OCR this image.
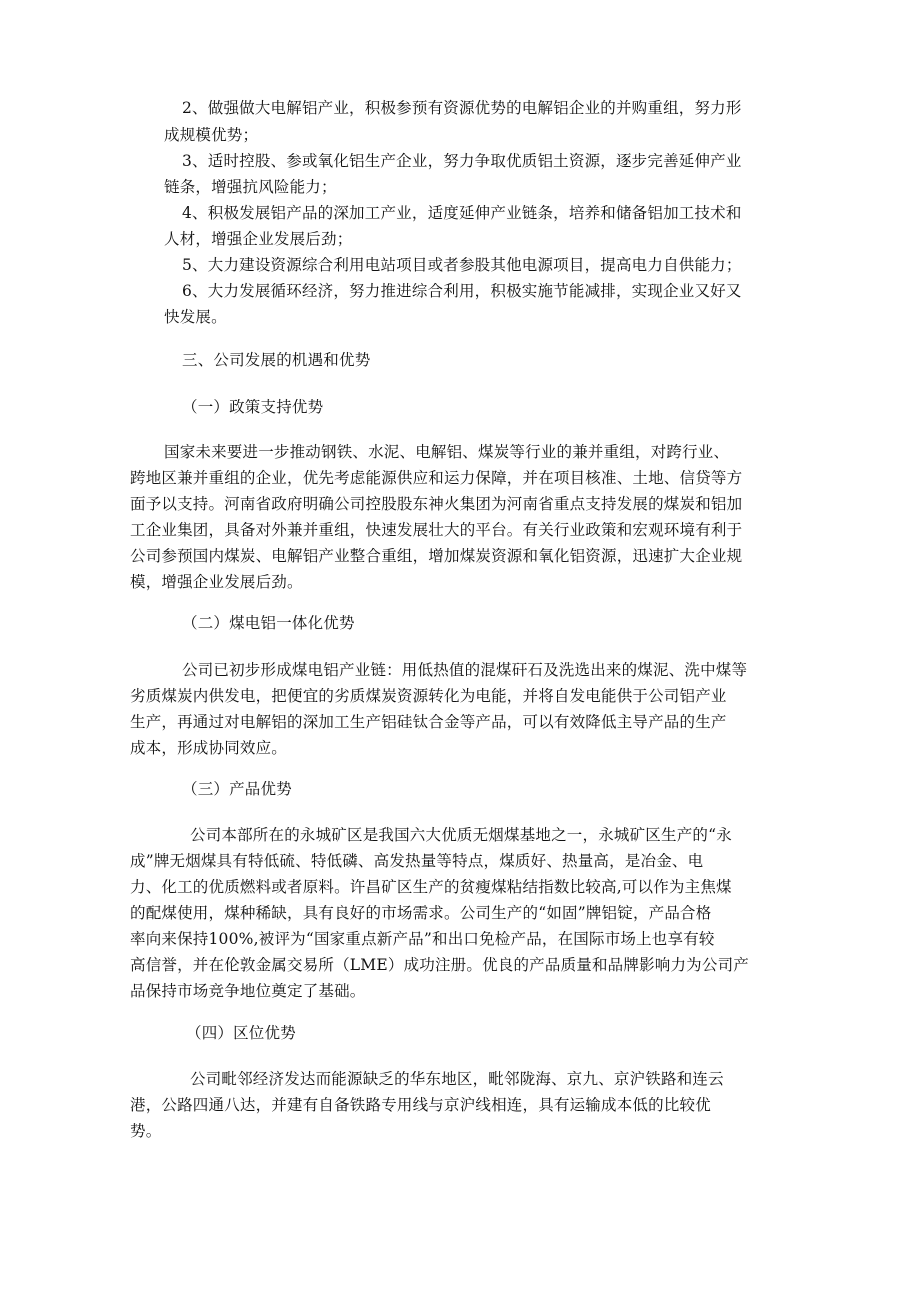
2、做强做大电解铝产业，积极参预有资源优势的电解铝企业的并购重组，努力形
成规模优势；
3、适时控股、参或氧化铝生产企业，努力争取优质铝土资源，逐步完善延伸产业
链条，增强抗风险能力；
4、积极发展铝产品的深加工产业，适度延伸产业链条，培养和储备铝加工技术和
人材，增强企业发展后劲；
5、大力建设资源综合利用电站项目或者参股其他电源项目，提高电力自供能力；
6、大力发展循环经济，努力推进综合利用，积极实施节能减排，实现企业又好又
快发展。
三、公司发展的机遇和优势
（一）政策支持优势
国家未来要进一步推动钢铁、水泥、电解铝、煤炭等行业的兼并重组，对跨行业、
跨地区兼并重组的企业，优先考虑能源供应和运力保障，并在项目核准、土地、信贷等方
面予以支持。河南省政府明确公司控股股东神火集团为河南省重点支持发展的煤炭和铝加
工企业集团，具备对外兼并重组，快速发展壮大的平台。有关行业政策和宏观环境有利于
公司参预国内煤炭、电解铝产业整合重组，增加煤炭资源和氧化铝资源，迅速扩大企业规
模，增强企业发展后劲。
（二）煤电铝一体化优势
公司已初步形成煤电铝产业链：用低热值的混煤矸石及洗选出来的煤泥、洗中煤等
劣质煤炭内供发电，把便宜的劣质煤炭资源转化为电能，并将自发电能供于公司铝产业
生产，再通过对电解铝的深加工生产铝硅钛合金等产品，可以有效降低主导产品的生产
成本，形成协同效应。
（三）产品优势
公司本部所在的永城矿区是我国六大优质无烟煤基地之一，永城矿区生产的“永
成”牌无烟煤具有特低硫、特低磷、高发热量等特点，煤质好、热量高，是冶金、电
力、化工的优质燃料或者原料。许昌矿区生产的贫瘦煤粘结指数比较高,可以作为主焦煤
的配煤使用，煤种稀缺，具有良好的市场需求。公司生产的“如固”牌铝锭，产品合格
率向来保持100%,被评为“国家重点新产品”和出口免检产品，在国际市场上也享有较
高信誉，并在伦敦金属交易所（LME）成功注册。优良的产品质量和品牌影响力为公司产
品保持市场竞争地位奠定了基础。
（四）区位优势
公司毗邻经济发达而能源缺乏的华东地区，毗邻陇海、京九、京沪铁路和连云
港，公路四通八达，并建有自备铁路专用线与京沪线相连，具有运输成本低的比较优
势。
